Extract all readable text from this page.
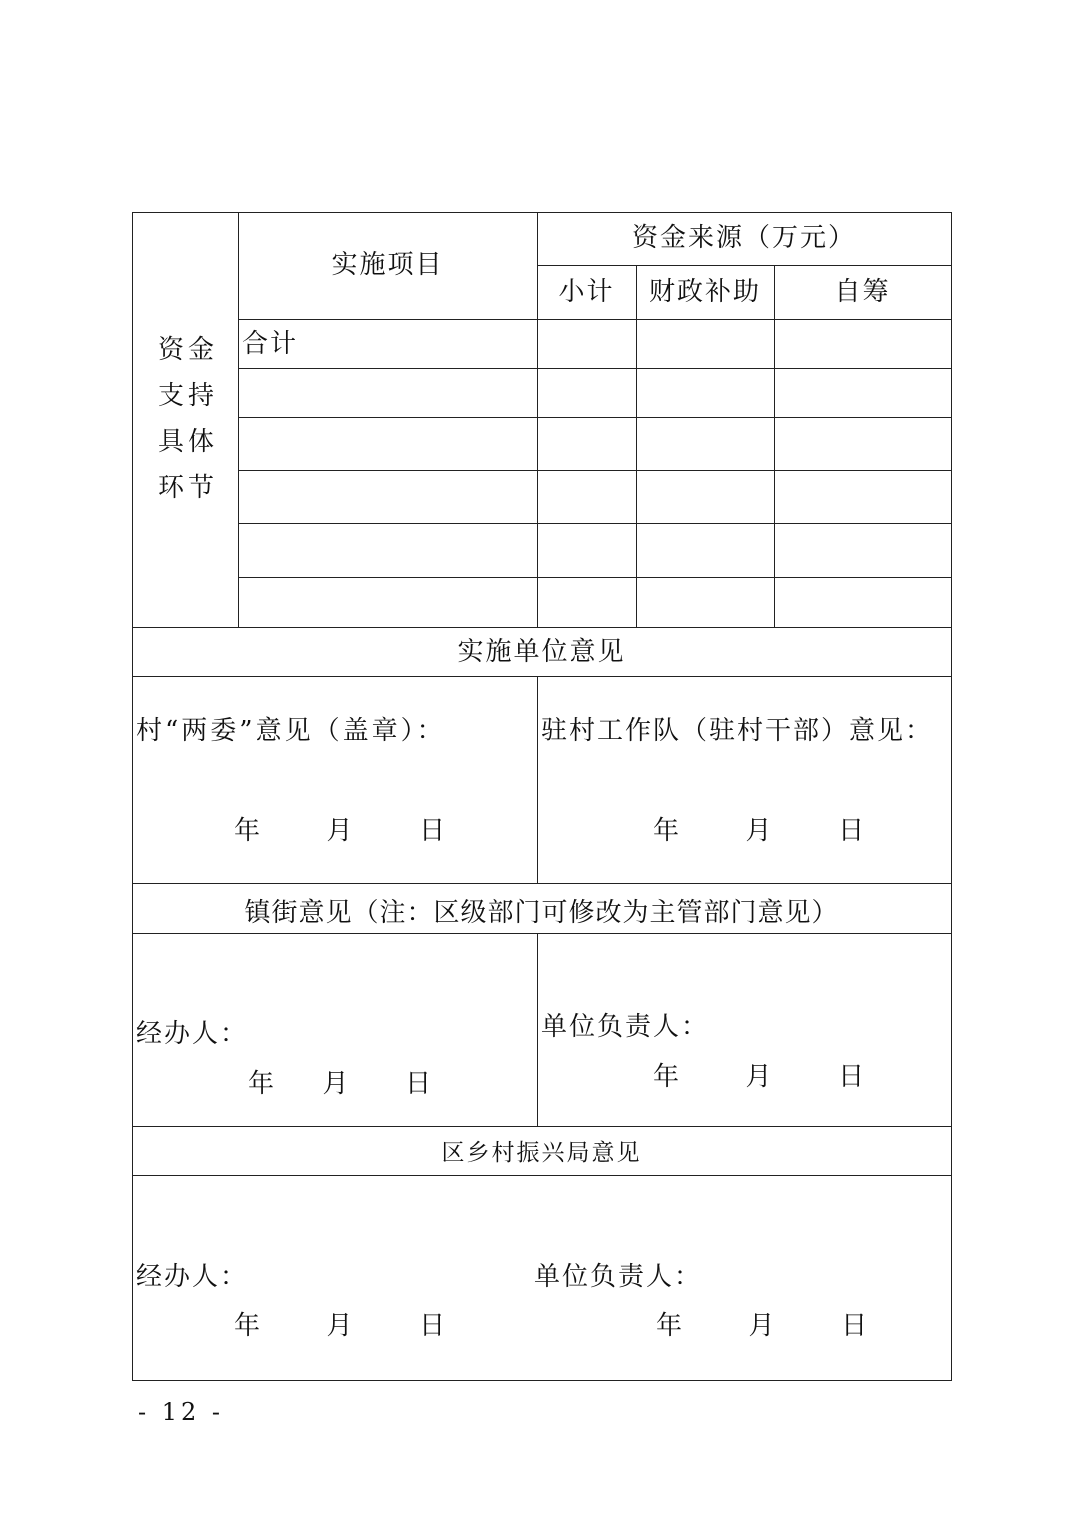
资金
支持
具体
环节
实施项目
资金来源（万元）
小计	财政补助	自筹
合计
实施单位意见
村“两委”意见（盖章）：
年 月 日
驻村工作队（驻村干部）意见：
年 月 日
镇街意见（注：区级部门可修改为主管部门意见）
经办人：
年 月 日
单位负责人：
年 月 日
区乡村振兴局意见
经办人：
年 月 日
单位负责人：
年 月 日
- 12 -
